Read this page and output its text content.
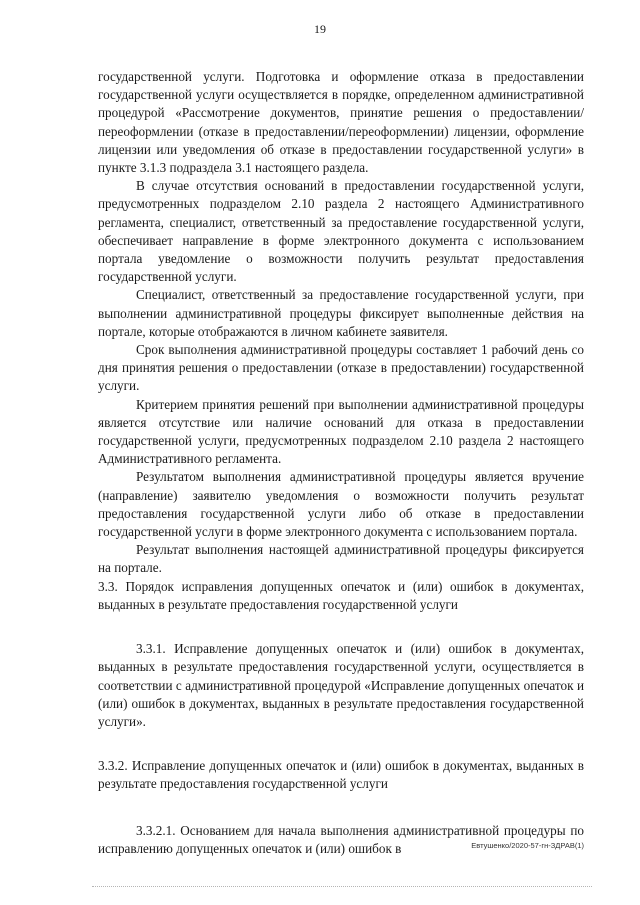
19

государственной услуги. Подготовка и оформление отказа в предоставлении государственной услуги осуществляется в порядке, определенном административной процедурой «Рассмотрение документов, принятие решения о предоставлении/переоформлении (отказе в предоставлении/переоформлении) лицензии, оформление лицензии или уведомления об отказе в предоставлении государственной услуги» в пункте 3.1.3 подраздела 3.1 настоящего раздела.

В случае отсутствия оснований в предоставлении государственной услуги, предусмотренных подразделом 2.10 раздела 2 настоящего Административного регламента, специалист, ответственный за предоставление государственной услуги, обеспечивает направление в форме электронного документа с использованием портала уведомление о возможности получить результат предоставления государственной услуги.

Специалист, ответственный за предоставление государственной услуги, при выполнении административной процедуры фиксирует выполненные действия на портале, которые отображаются в личном кабинете заявителя.

Срок выполнения административной процедуры составляет 1 рабочий день со дня принятия решения о предоставлении (отказе в предоставлении) государственной услуги.

Критерием принятия решений при выполнении административной процедуры является отсутствие или наличие оснований для отказа в предоставлении государственной услуги, предусмотренных подразделом 2.10 раздела 2 настоящего Административного регламента.

Результатом выполнения административной процедуры является вручение (направление) заявителю уведомления о возможности получить результат предоставления государственной услуги либо об отказе в предоставлении государственной услуги в форме электронного документа с использованием портала.

Результат выполнения настоящей административной процедуры фиксируется на портале.

3.3. Порядок исправления допущенных опечаток и (или) ошибок в документах, выданных в результате предоставления государственной услуги

3.3.1. Исправление допущенных опечаток и (или) ошибок в документах, выданных в результате предоставления государственной услуги, осуществляется в соответствии с административной процедурой «Исправление допущенных опечаток и (или) ошибок в документах, выданных в результате предоставления государственной услуги».

3.3.2. Исправление допущенных опечаток и (или) ошибок в документах, выданных в результате предоставления государственной услуги

3.3.2.1. Основанием для начала выполнения административной процедуры по исправлению допущенных опечаток и (или) ошибок в	Евтушенко/2020-57-гн-ЗДРАВ(1)
